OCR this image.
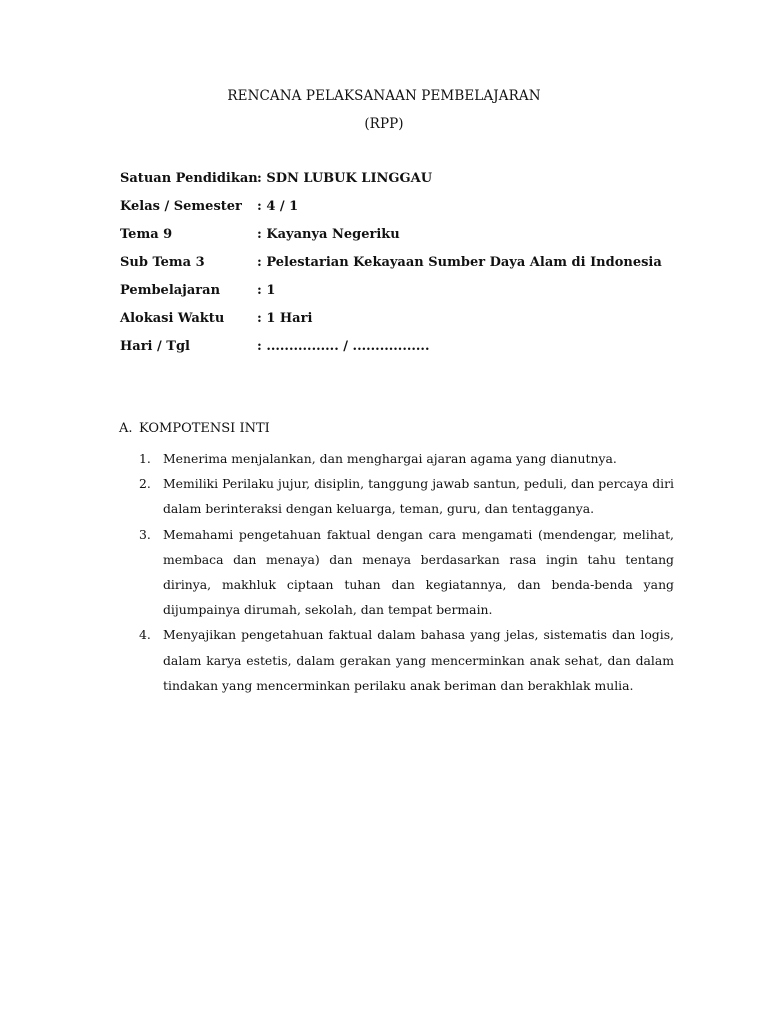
RENCANA PELAKSANAAN PEMBELAJARAN
(RPP)
Satuan Pendidikan : SDN LUBUK LINGGAU
Kelas / Semester	: 4 / 1
Tema 9	: Kayanya Negeriku
Sub Tema 3	: Pelestarian Kekayaan Sumber Daya Alam di Indonesia
Pembelajaran	: 1
Alokasi Waktu	: 1 Hari
Hari / Tgl	: ................ / .................
A. KOMPOTENSI INTI
1. Menerima menjalankan, dan menghargai ajaran agama yang dianutnya.
2. Memiliki Perilaku jujur, disiplin, tanggung jawab santun, peduli, dan percaya diri dalam berinteraksi dengan keluarga, teman, guru, dan tentagganya.
3. Memahami pengetahuan faktual dengan cara mengamati (mendengar, melihat, membaca dan menaya) dan menaya berdasarkan rasa ingin tahu tentang dirinya, makhluk ciptaan tuhan dan kegiatannya, dan benda-benda yang dijumpainya dirumah, sekolah, dan tempat bermain.
4. Menyajikan pengetahuan faktual dalam bahasa yang jelas, sistematis dan logis, dalam karya estetis, dalam gerakan yang mencerminkan anak sehat, dan dalam tindakan yang mencerminkan perilaku anak beriman dan berakhlak mulia.
